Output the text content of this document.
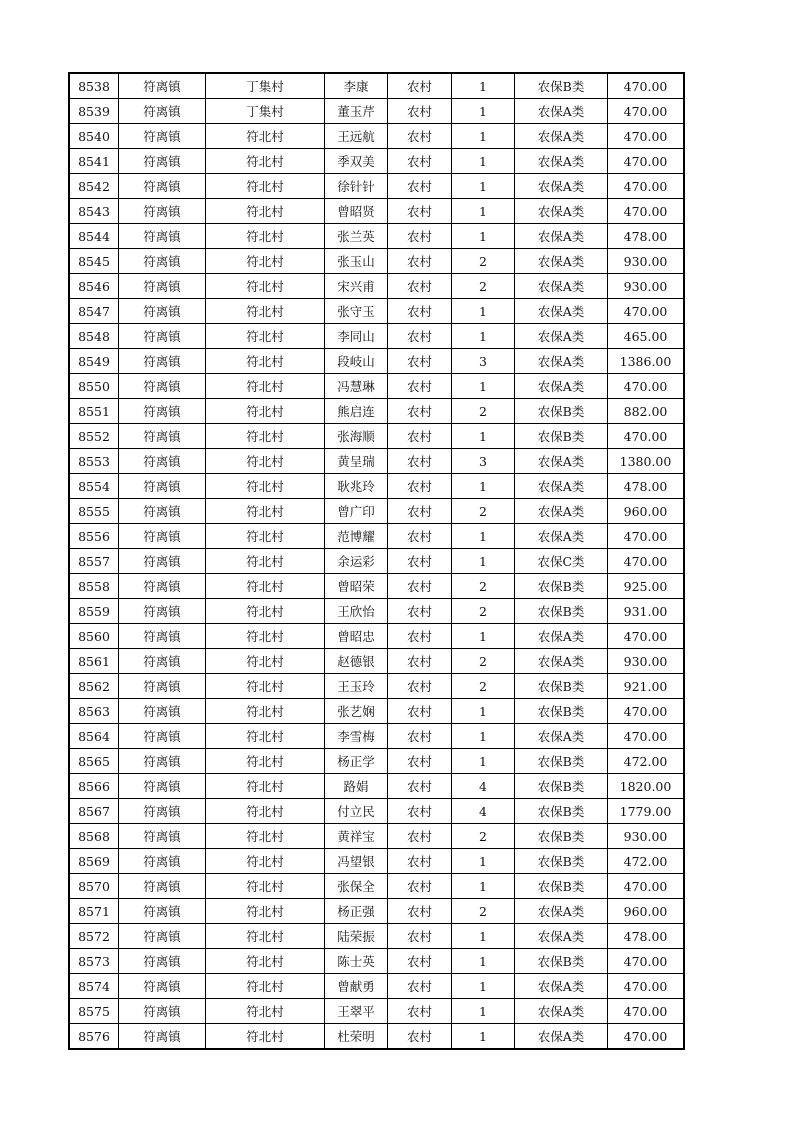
8538	符离镇	丁集村	李康	农村	1	农保B类	470.00
8539	符离镇	丁集村	董玉芹	农村	1	农保A类	470.00
8540	符离镇	符北村	王远航	农村	1	农保A类	470.00
8541	符离镇	符北村	季双美	农村	1	农保A类	470.00
8542	符离镇	符北村	徐针针	农村	1	农保A类	470.00
8543	符离镇	符北村	曾昭贤	农村	1	农保A类	470.00
8544	符离镇	符北村	张兰英	农村	1	农保A类	478.00
8545	符离镇	符北村	张玉山	农村	2	农保A类	930.00
8546	符离镇	符北村	宋兴甫	农村	2	农保A类	930.00
8547	符离镇	符北村	张守玉	农村	1	农保A类	470.00
8548	符离镇	符北村	李同山	农村	1	农保A类	465.00
8549	符离镇	符北村	段岐山	农村	3	农保A类	1386.00
8550	符离镇	符北村	冯慧琳	农村	1	农保A类	470.00
8551	符离镇	符北村	熊启连	农村	2	农保B类	882.00
8552	符离镇	符北村	张海顺	农村	1	农保B类	470.00
8553	符离镇	符北村	黄呈瑞	农村	3	农保A类	1380.00
8554	符离镇	符北村	耿兆玲	农村	1	农保A类	478.00
8555	符离镇	符北村	曾广印	农村	2	农保A类	960.00
8556	符离镇	符北村	范博耀	农村	1	农保A类	470.00
8557	符离镇	符北村	余运彩	农村	1	农保C类	470.00
8558	符离镇	符北村	曾昭荣	农村	2	农保B类	925.00
8559	符离镇	符北村	王欣怡	农村	2	农保B类	931.00
8560	符离镇	符北村	曾昭忠	农村	1	农保A类	470.00
8561	符离镇	符北村	赵德银	农村	2	农保A类	930.00
8562	符离镇	符北村	王玉玲	农村	2	农保B类	921.00
8563	符离镇	符北村	张艺娴	农村	1	农保B类	470.00
8564	符离镇	符北村	李雪梅	农村	1	农保A类	470.00
8565	符离镇	符北村	杨正学	农村	1	农保B类	472.00
8566	符离镇	符北村	路娟	农村	4	农保B类	1820.00
8567	符离镇	符北村	付立民	农村	4	农保B类	1779.00
8568	符离镇	符北村	黄祥宝	农村	2	农保B类	930.00
8569	符离镇	符北村	冯望银	农村	1	农保B类	472.00
8570	符离镇	符北村	张保全	农村	1	农保B类	470.00
8571	符离镇	符北村	杨正强	农村	2	农保A类	960.00
8572	符离镇	符北村	陆荣振	农村	1	农保A类	478.00
8573	符离镇	符北村	陈士英	农村	1	农保B类	470.00
8574	符离镇	符北村	曾献勇	农村	1	农保A类	470.00
8575	符离镇	符北村	王翠平	农村	1	农保A类	470.00
8576	符离镇	符北村	杜荣明	农村	1	农保A类	470.00
